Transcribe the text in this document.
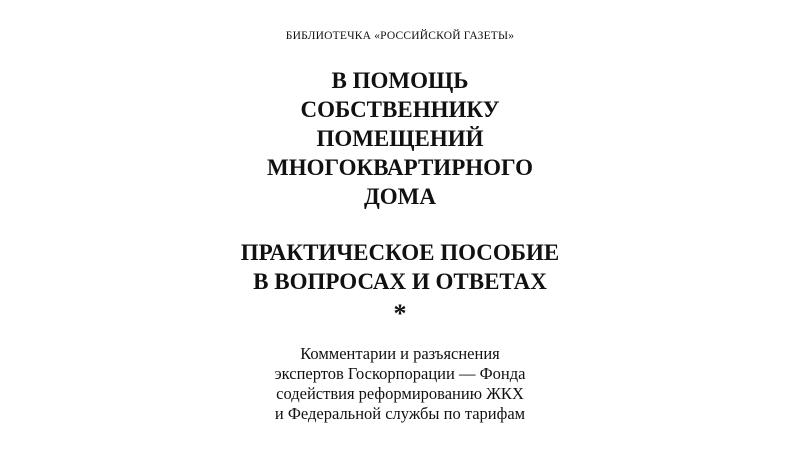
БИБЛИОТЕЧКА «РОССИЙСКОЙ ГАЗЕТЫ»
В ПОМОЩЬ
СОБСТВЕННИКУ
ПОМЕЩЕНИЙ
МНОГОКВАРТИРНОГО
ДОМА
ПРАКТИЧЕСКОЕ ПОСОБИЕ
В ВОПРОСАХ И ОТВЕТАХ
*
Комментарии и разъяснения
экспертов Госкорпорации — Фонда
содействия реформированию ЖКХ
и Федеральной службы по тарифам
